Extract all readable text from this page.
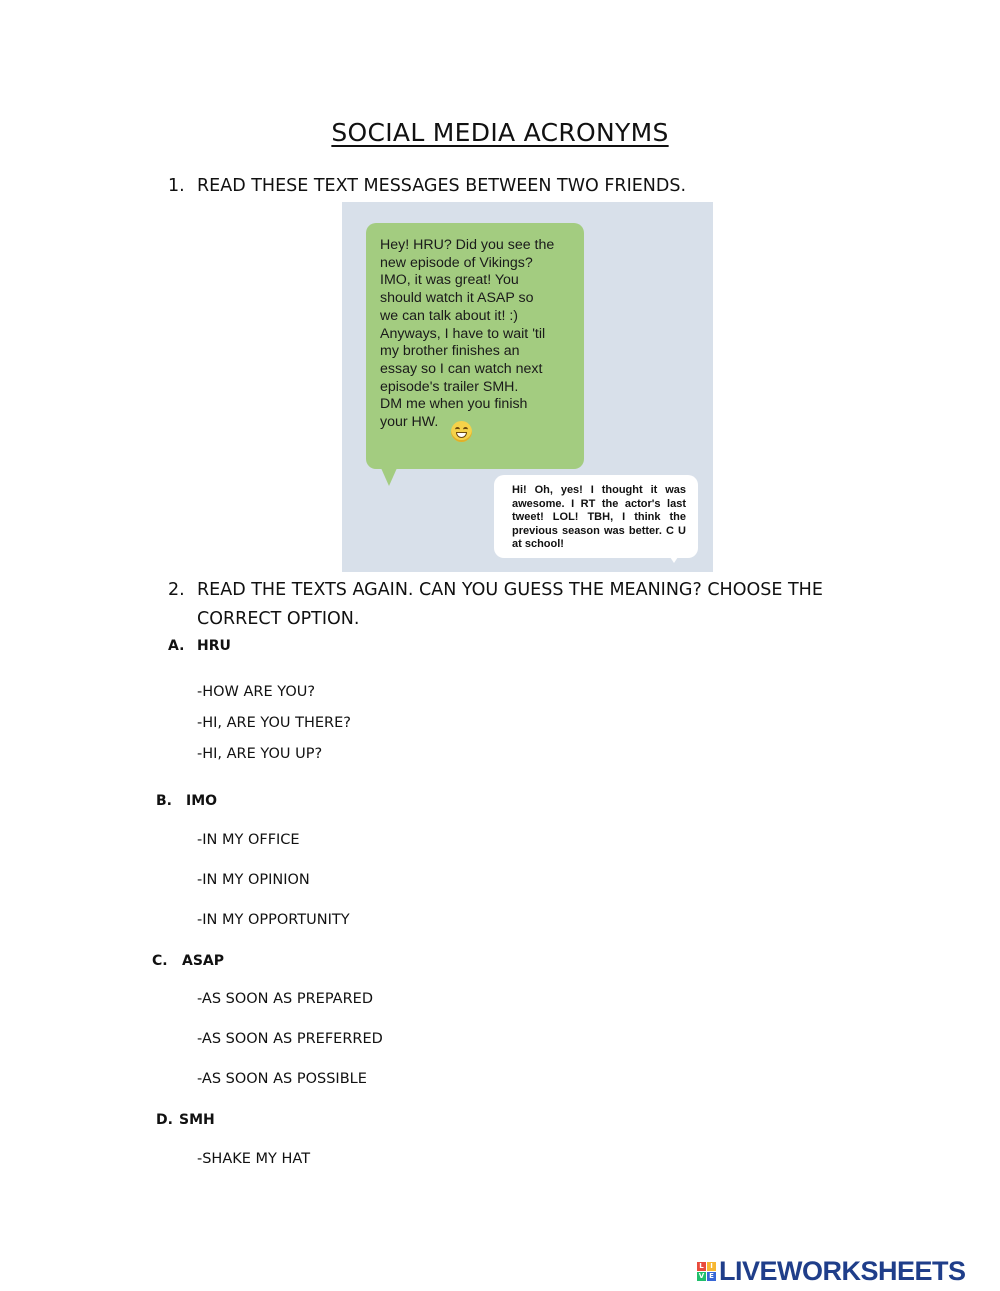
SOCIAL MEDIA ACRONYMS
1. READ THESE TEXT MESSAGES BETWEEN TWO FRIENDS.
Hey! HRU? Did you see the
new episode of Vikings?
IMO, it was great! You
should watch it ASAP so
we can talk about it! :)
Anyways, I have to wait 'til
my brother finishes an
essay so I can watch next
episode's trailer SMH.
DM me when you finish
your HW.
Hi! Oh, yes! I thought it was awesome. I RT the actor's last tweet! LOL! TBH, I think the previous season was better. C U at school!
2. READ THE TEXTS AGAIN. CAN YOU GUESS THE MEANING? CHOOSE THE
CORRECT OPTION.
A. HRU
-HOW ARE YOU?
-HI, ARE YOU THERE?
-HI, ARE YOU UP?
B. IMO
-IN MY OFFICE
-IN MY OPINION
-IN MY OPPORTUNITY
C. ASAP
-AS SOON AS PREPARED
-AS SOON AS PREFERRED
-AS SOON AS POSSIBLE
D. SMH
-SHAKE MY HAT
L I
V E LIVEWORKSHEETS
